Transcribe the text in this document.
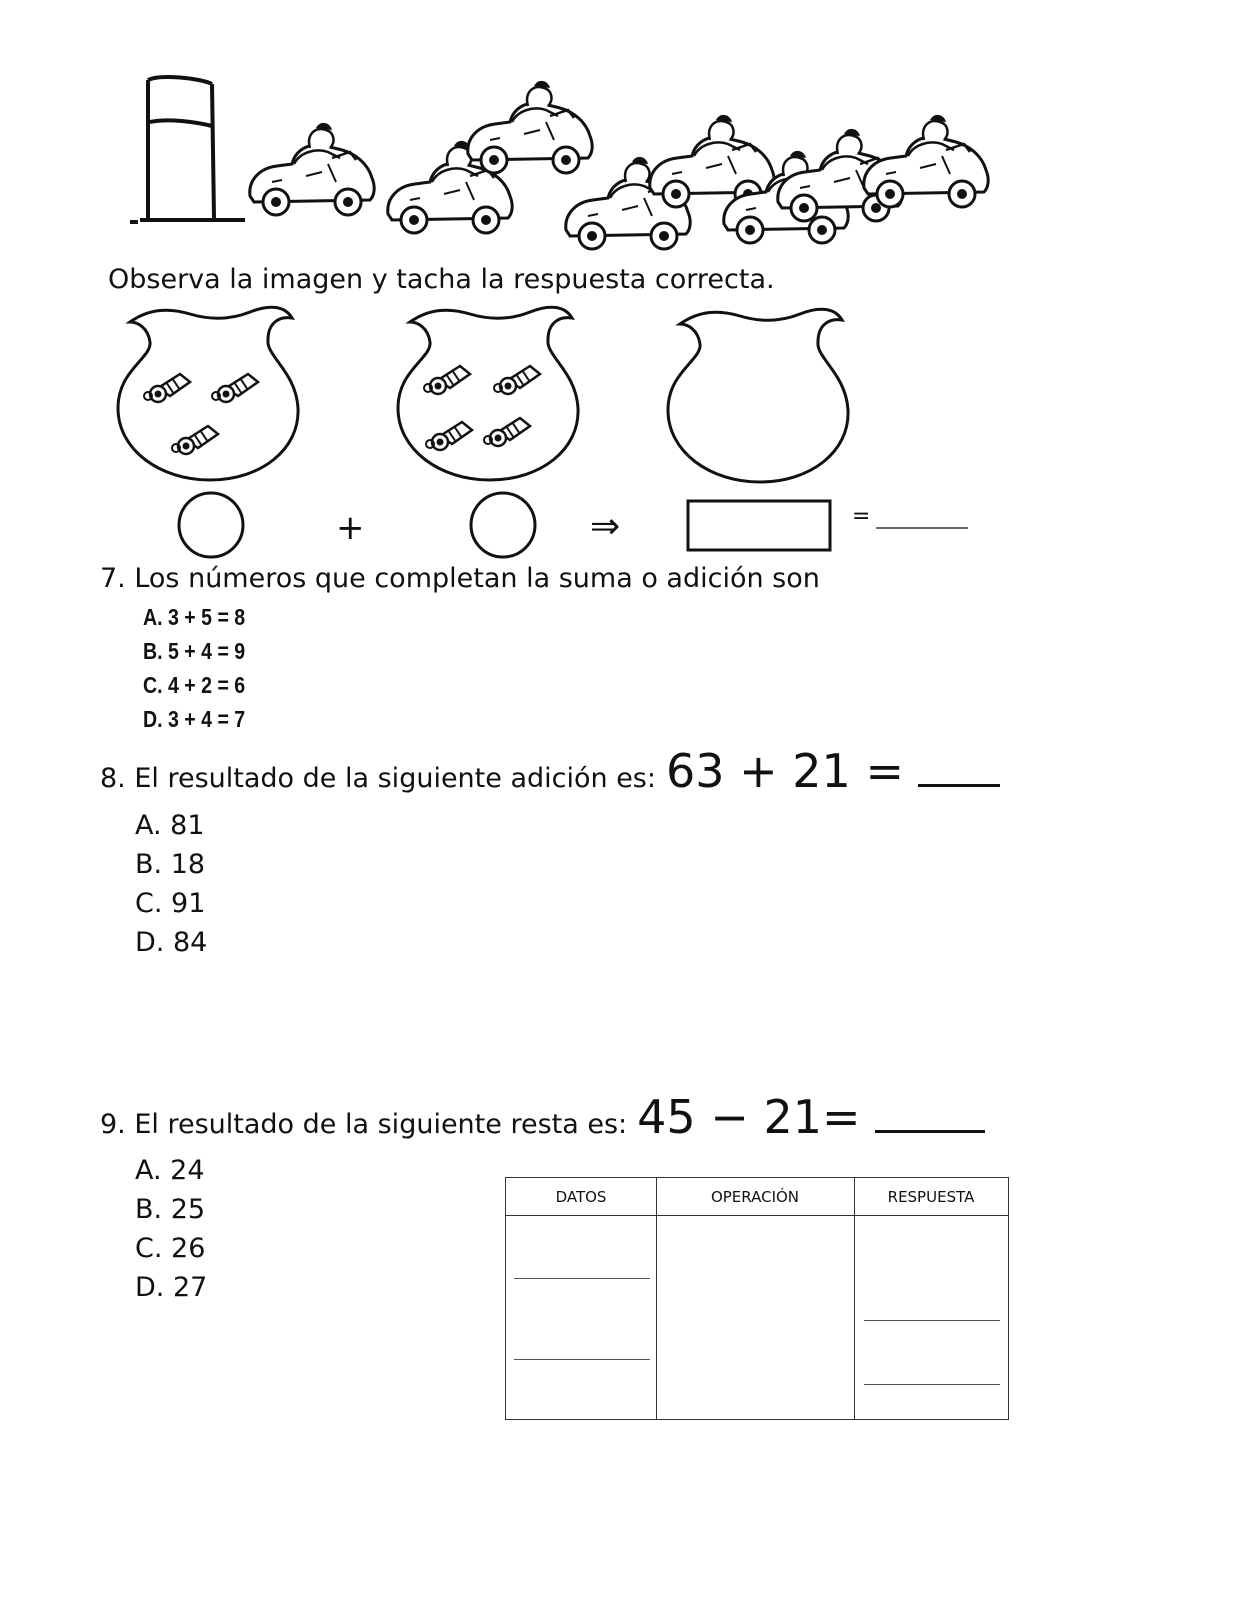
Observa la imagen y tacha la respuesta correcta.
+	⇒	=
7. Los números que completan la suma o adición son
A. 3 + 5 = 8
B. 5 + 4 = 9
C. 4 + 2 = 6
D. 3 + 4 = 7
8. El resultado de la siguiente adición es: 63 + 21 =
A. 81
B. 18
C. 91
D. 84
9. El resultado de la siguiente resta es: 45 − 21=
A. 24
B. 25
C. 26
D. 27
DATOS	OPERACIÓN	RESPUESTA
